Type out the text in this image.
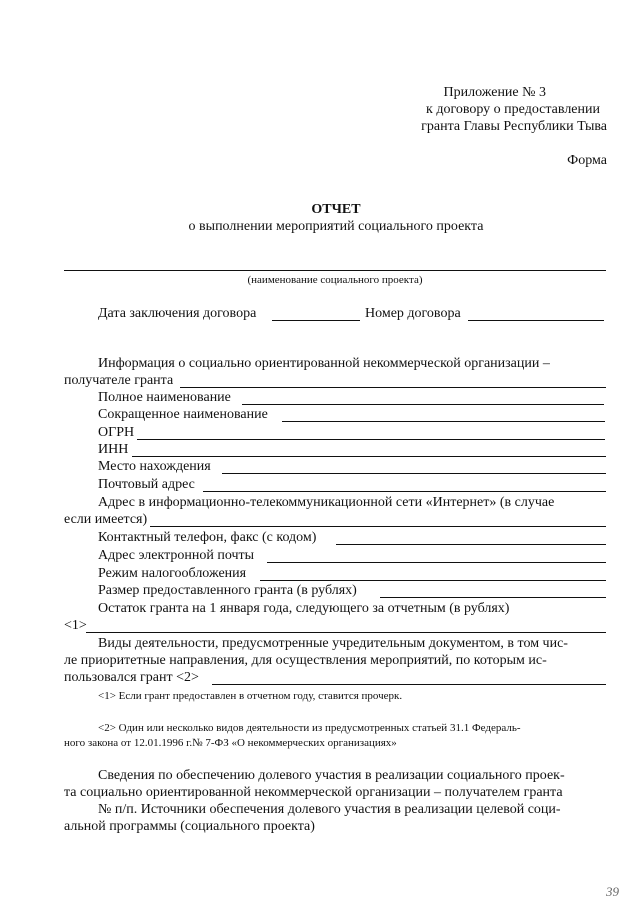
Приложение № 3
к договору о предоставлении
гранта Главы Республики Тыва
Форма
ОТЧЕТ
о выполнении мероприятий социального проекта
(наименование социального проекта)
Дата заключения договора	Номер договора
Информация о социально ориентированной некоммерческой организации –
получателе гранта
Полное наименование
Сокращенное наименование
ОГРН
ИНН
Место нахождения
Почтовый адрес
Адрес в информационно-телекоммуникационной сети «Интернет» (в случае
если имеется)
Контактный телефон, факс (с кодом)
Адрес электронной почты
Режим налогообложения
Размер предоставленного гранта (в рублях)
Остаток гранта на 1 января года, следующего за отчетным (в рублях)
<1>
Виды деятельности, предусмотренные учредительным документом, в том чис-
ле приоритетные направления, для осуществления мероприятий, по которым ис-
пользовался грант <2>
<1> Если грант предоставлен в отчетном году, ставится прочерк.
<2> Один или несколько видов деятельности из предусмотренных статьей 31.1 Федераль-
ного закона от 12.01.1996 г.№ 7-ФЗ «О некоммерческих организациях»
Сведения по обеспечению долевого участия в реализации социального проек-
та социально ориентированной некоммерческой организации – получателем гранта
№ п/п. Источники обеспечения долевого участия в реализации целевой соци-
альной программы (социального проекта)
39
